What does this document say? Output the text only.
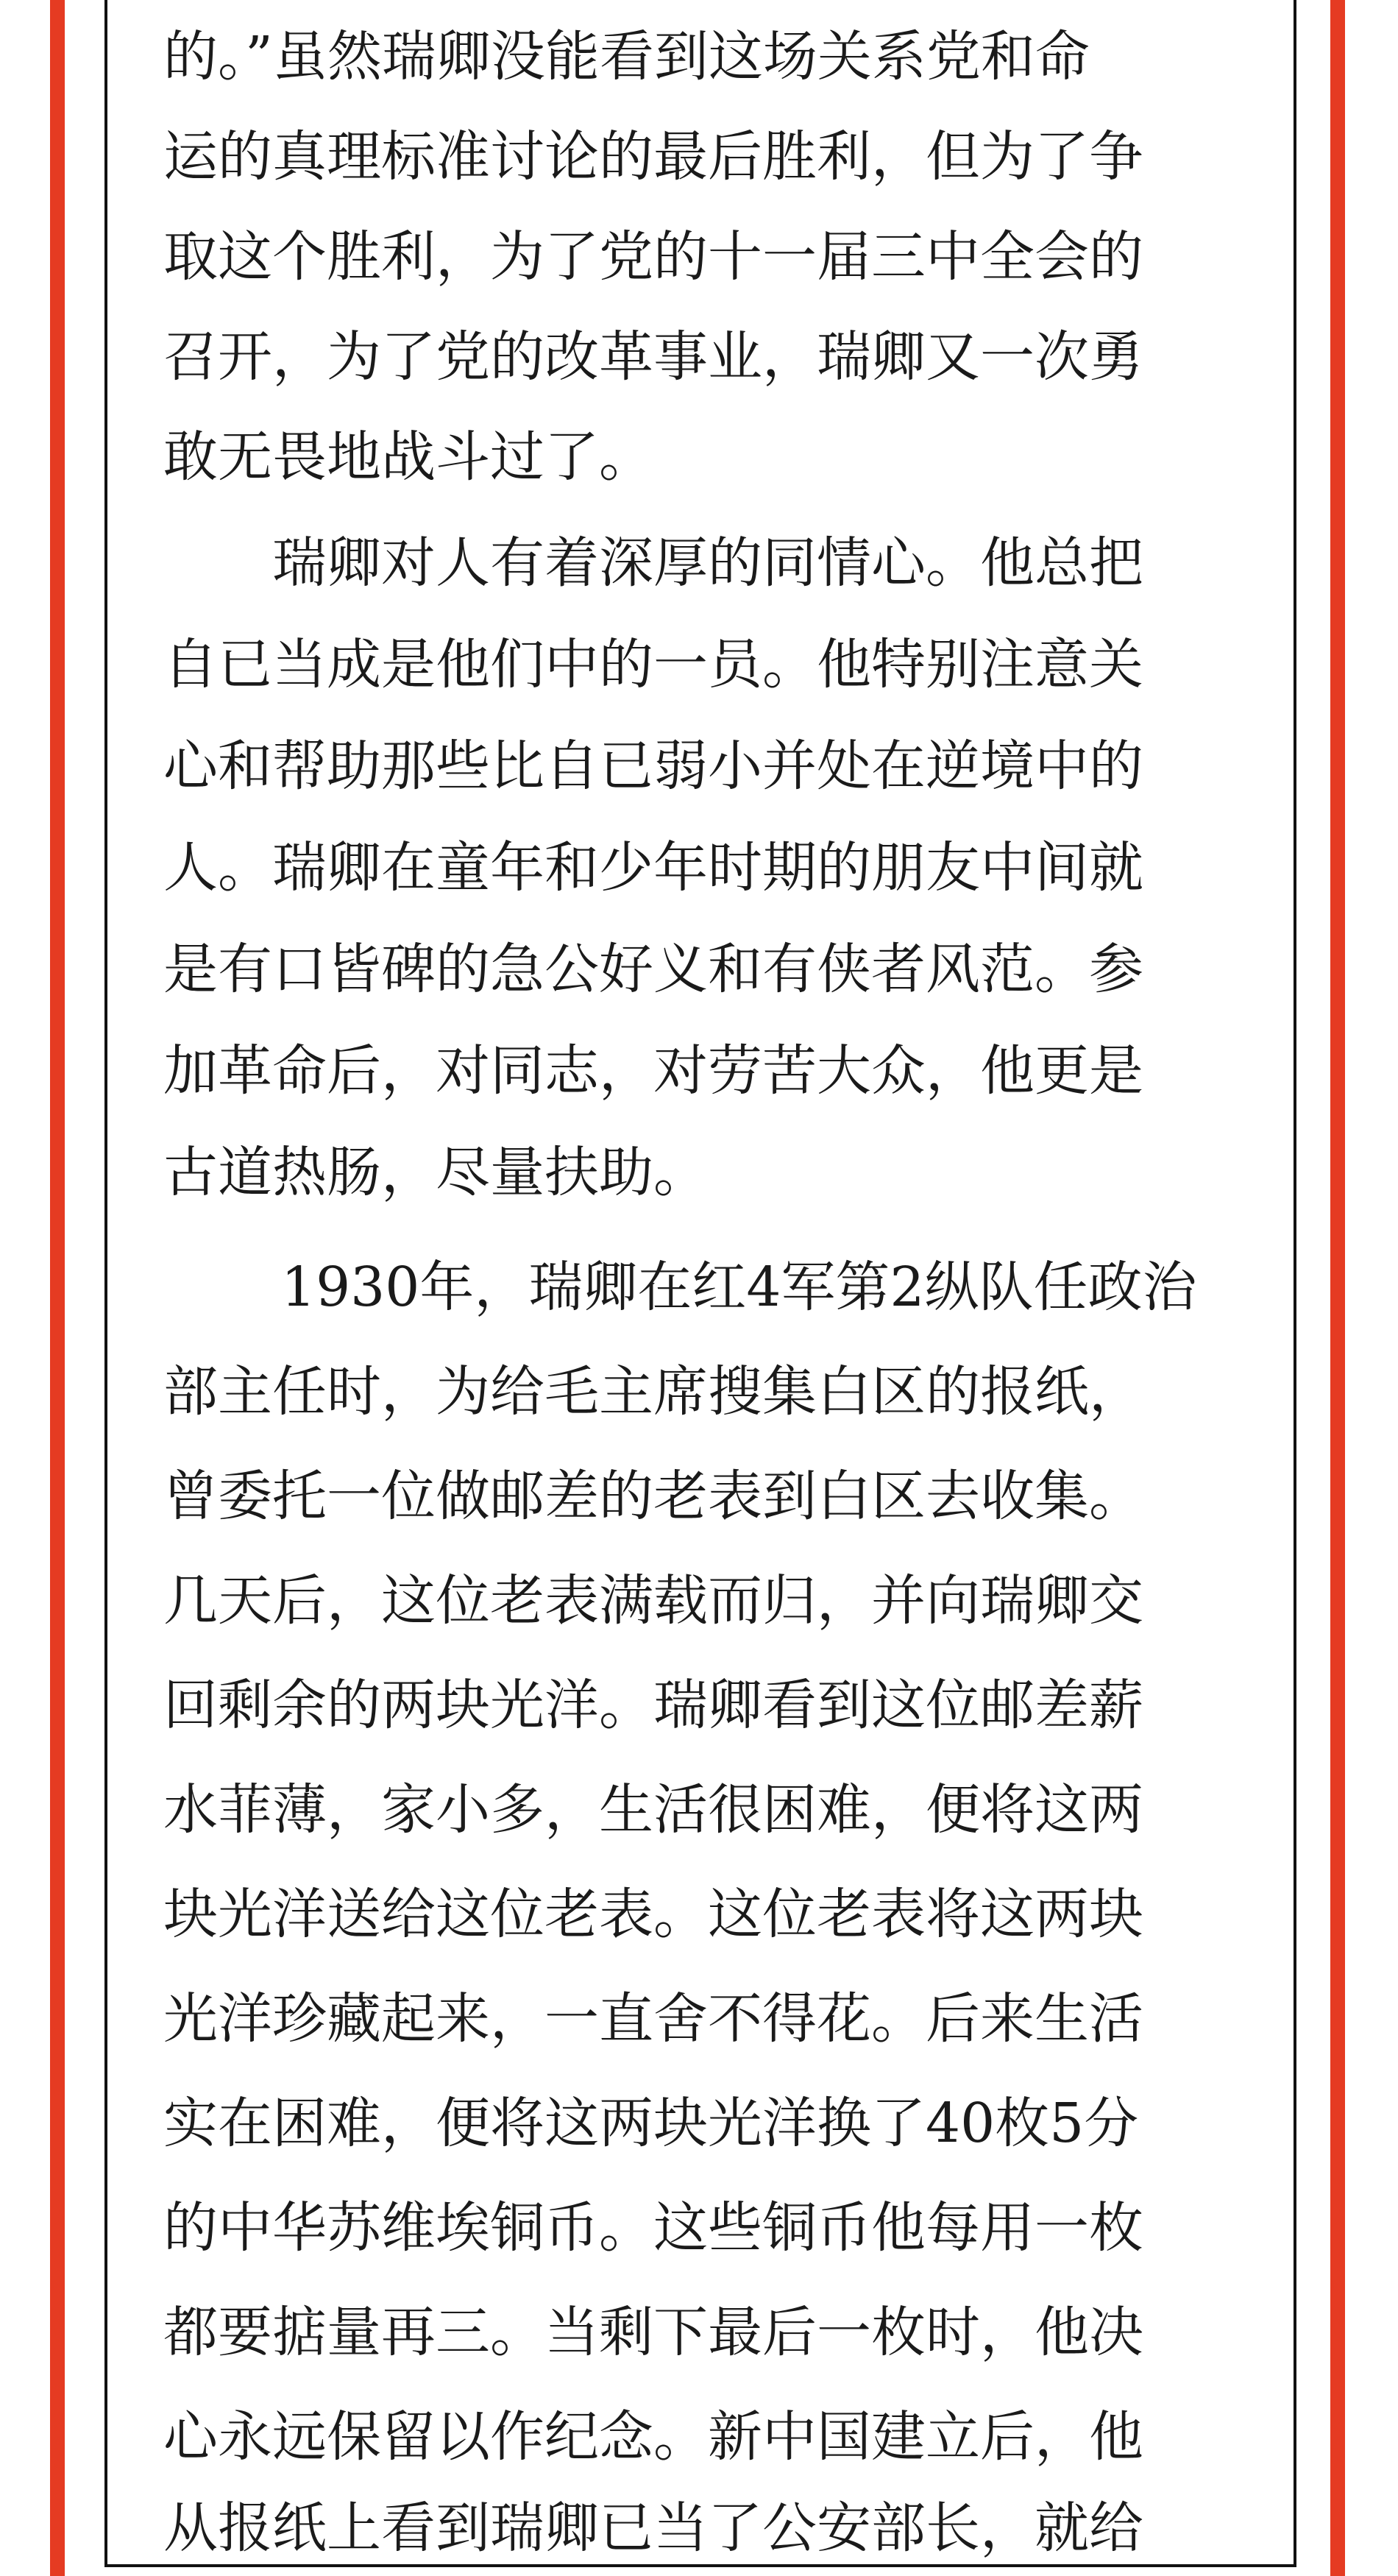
的。”虽然瑞卿没能看到这场关系党和命
运的真理标准讨论的最后胜利，但为了争
取这个胜利，为了党的十一届三中全会的
召开，为了党的改革事业，瑞卿又一次勇
敢无畏地战斗过了。
瑞卿对人有着深厚的同情心。他总把
自已当成是他们中的一员。他特别注意关
心和帮助那些比自已弱小并处在逆境中的
人。瑞卿在童年和少年时期的朋友中间就
是有口皆碑的急公好义和有侠者风范。参
加革命后，对同志，对劳苦大众，他更是
古道热肠，尽量扶助。
1930年，瑞卿在红4军第2纵队任政治
部主任时，为给毛主席搜集白区的报纸，
曾委托一位做邮差的老表到白区去收集。
几天后，这位老表满载而归，并向瑞卿交
回剩余的两块光洋。瑞卿看到这位邮差薪
水菲薄，家小多，生活很困难，便将这两
块光洋送给这位老表。这位老表将这两块
光洋珍藏起来，一直舍不得花。后来生活
实在困难，便将这两块光洋换了40枚5分
的中华苏维埃铜币。这些铜币他每用一枚
都要掂量再三。当剩下最后一枚时，他决
心永远保留以作纪念。新中国建立后，他
从报纸上看到瑞卿已当了公安部长，就给
